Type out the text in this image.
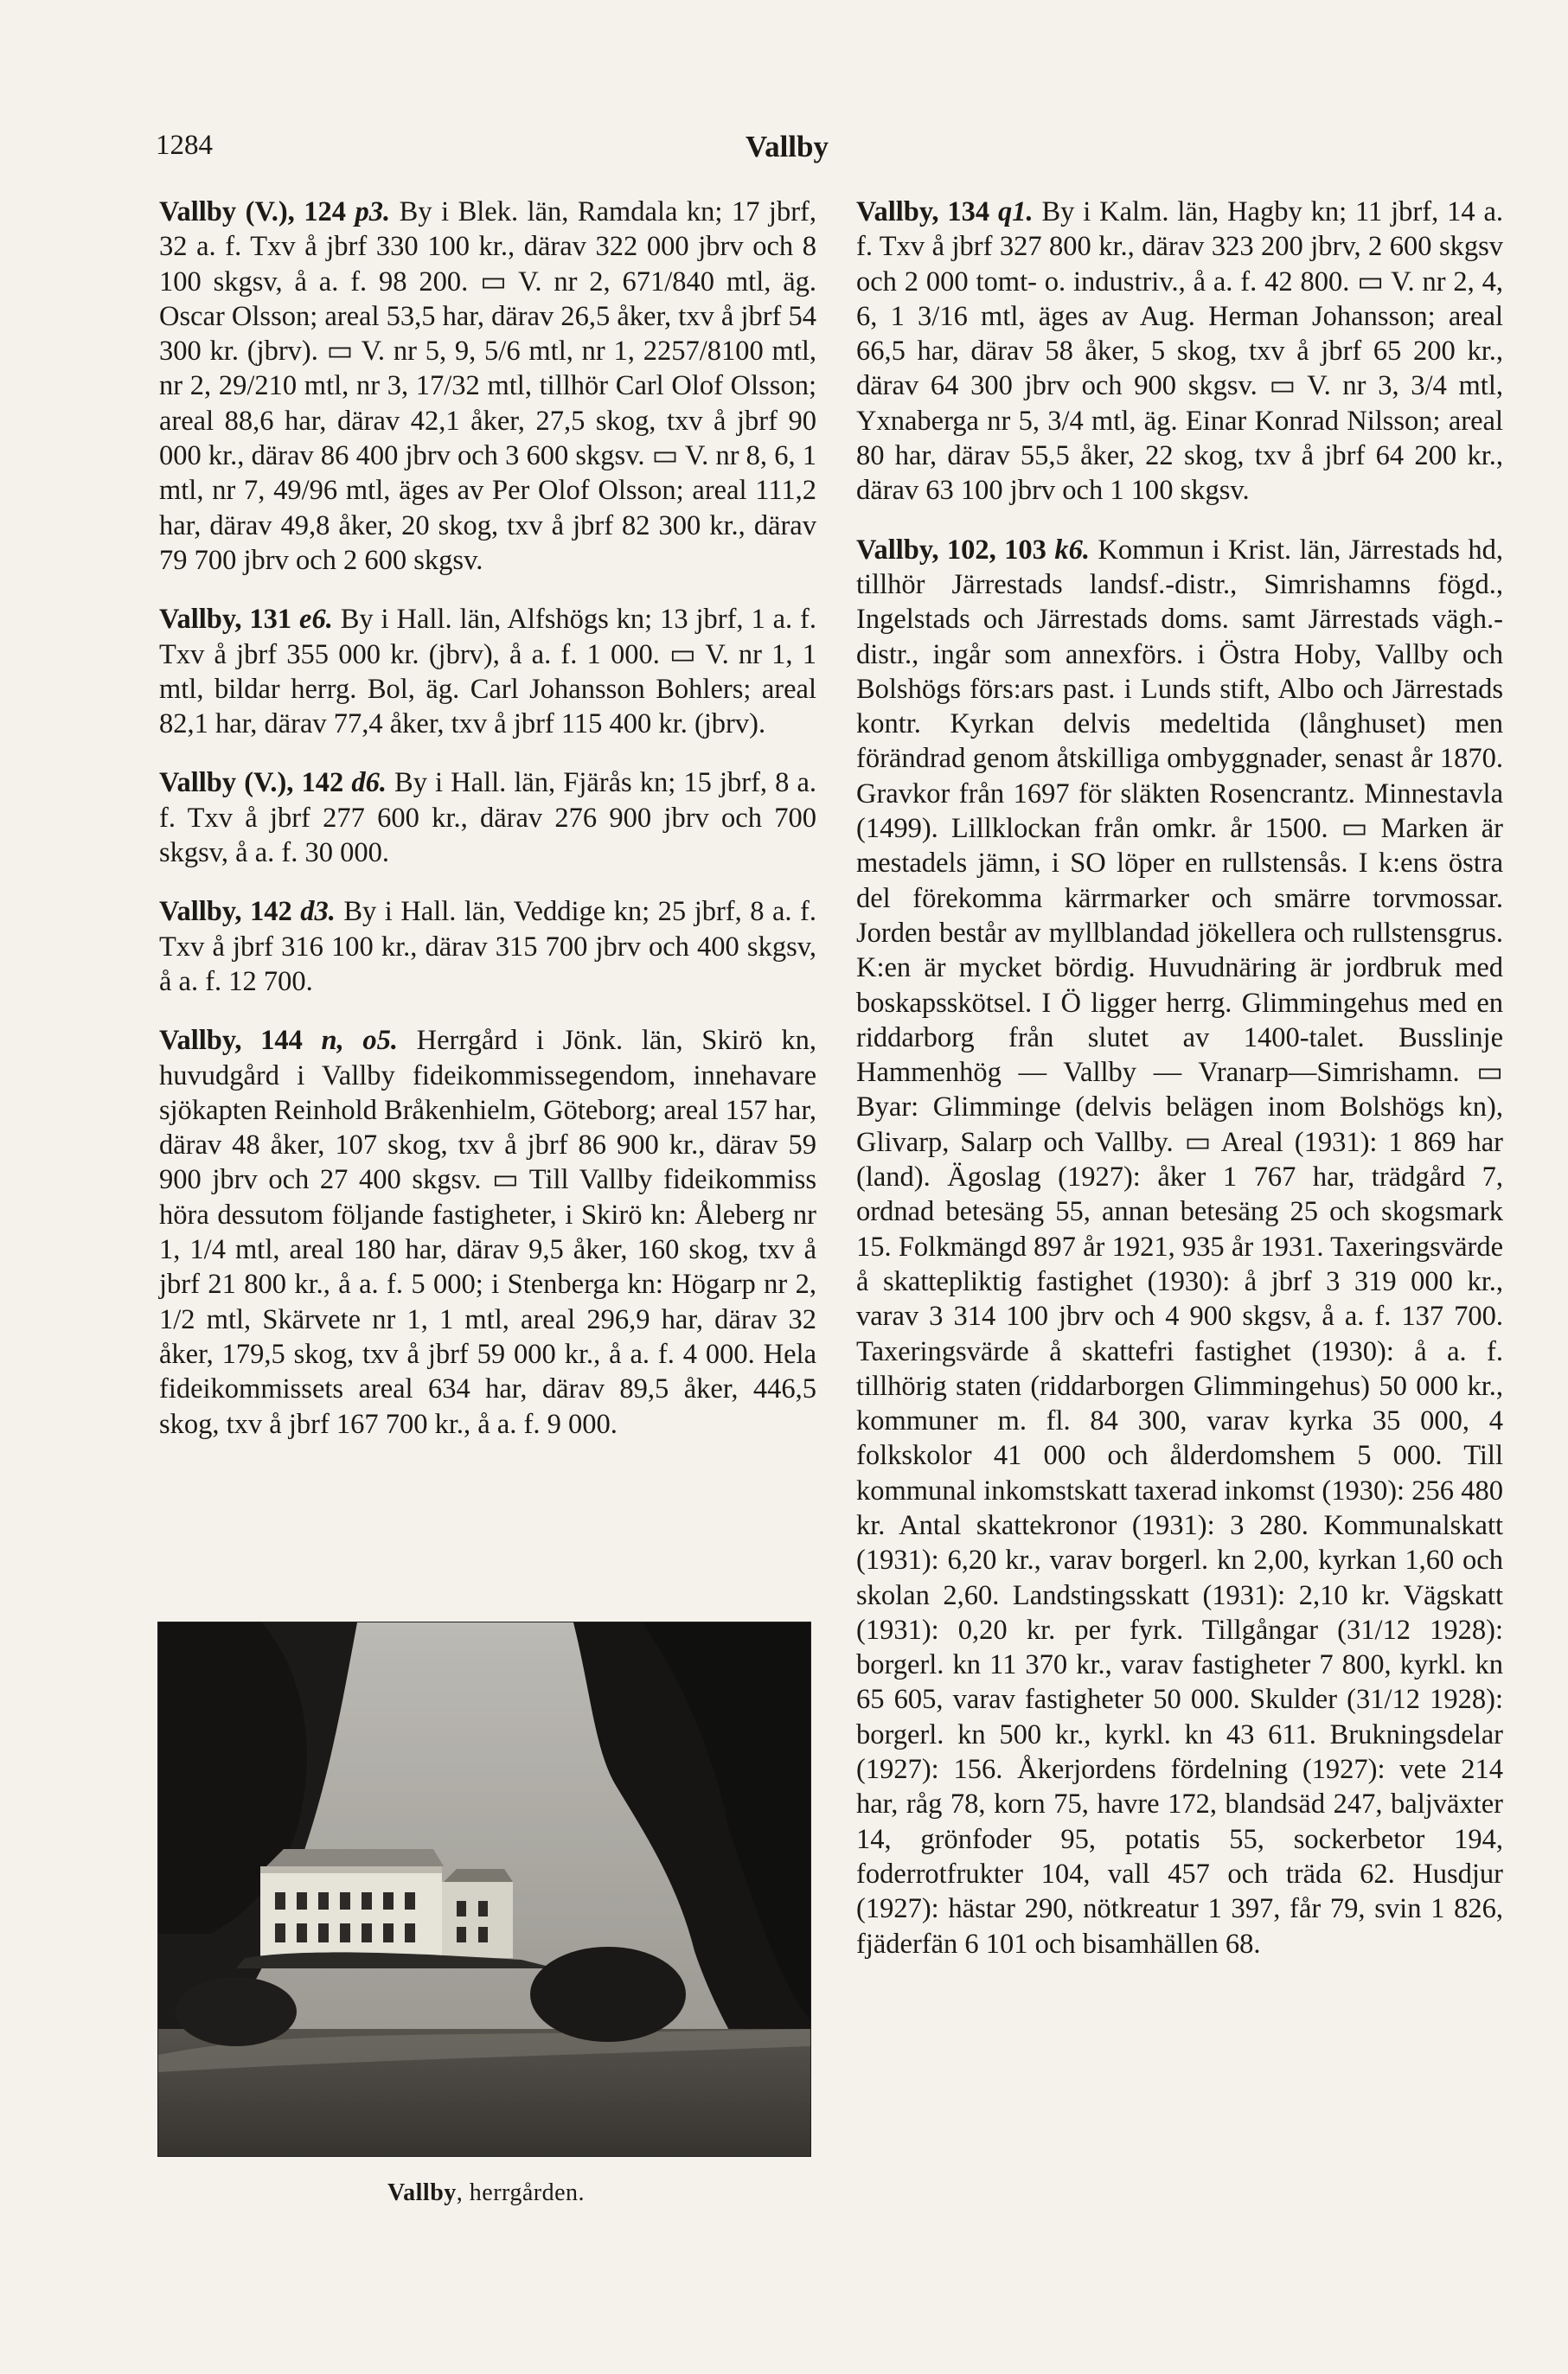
1284	Vallby

Vallby (V.), 124 p3. By i Blek. län, Ramdala kn; 17 jbrf, 32 a. f. Txv å jbrf 330 100 kr., därav 322 000 jbrv och 8 100 skgsv, å a. f. 98 200. ▭ V. nr 2, 671/840 mtl, äg. Oscar Olsson; areal 53,5 har, därav 26,5 åker, txv å jbrf 54 300 kr. (jbrv). ▭ V. nr 5, 9, 5/6 mtl, nr 1, 2257/8100 mtl, nr 2, 29/210 mtl, nr 3, 17/32 mtl, tillhör Carl Olof Olsson; areal 88,6 har, därav 42,1 åker, 27,5 skog, txv å jbrf 90 000 kr., därav 86 400 jbrv och 3 600 skgsv. ▭ V. nr 8, 6, 1 mtl, nr 7, 49/96 mtl, äges av Per Olof Olsson; areal 111,2 har, därav 49,8 åker, 20 skog, txv å jbrf 82 300 kr., därav 79 700 jbrv och 2 600 skgsv.

Vallby, 131 e6. By i Hall. län, Alfshögs kn; 13 jbrf, 1 a. f. Txv å jbrf 355 000 kr. (jbrv), å a. f. 1 000. ▭ V. nr 1, 1 mtl, bildar herrg. Bol, äg. Carl Johansson Bohlers; areal 82,1 har, därav 77,4 åker, txv å jbrf 115 400 kr. (jbrv).

Vallby (V.), 142 d6. By i Hall. län, Fjärås kn; 15 jbrf, 8 a. f. Txv å jbrf 277 600 kr., därav 276 900 jbrv och 700 skgsv, å a. f. 30 000.

Vallby, 142 d3. By i Hall. län, Veddige kn; 25 jbrf, 8 a. f. Txv å jbrf 316 100 kr., därav 315 700 jbrv och 400 skgsv, å a. f. 12 700.

Vallby, 144 n, o5. Herrgård i Jönk. län, Skirö kn, huvudgård i Vallby fideikommissegendom, innehavare sjökapten Reinhold Bråkenhielm, Göteborg; areal 157 har, därav 48 åker, 107 skog, txv å jbrf 86 900 kr., därav 59 900 jbrv och 27 400 skgsv. ▭ Till Vallby fideikommiss höra dessutom följande fastigheter, i Skirö kn: Åleberg nr 1, 1/4 mtl, areal 180 har, därav 9,5 åker, 160 skog, txv å jbrf 21 800 kr., å a. f. 5 000; i Stenberga kn: Högarp nr 2, 1/2 mtl, Skärvete nr 1, 1 mtl, areal 296,9 har, därav 32 åker, 179,5 skog, txv å jbrf 59 000 kr., å a. f. 4 000. Hela fideikommissets areal 634 har, därav 89,5 åker, 446,5 skog, txv å jbrf 167 700 kr., å a. f. 9 000.

Vallby, herrgården.

Vallby, 134 q1. By i Kalm. län, Hagby kn; 11 jbrf, 14 a. f. Txv å jbrf 327 800 kr., därav 323 200 jbrv, 2 600 skgsv och 2 000 tomt- o. industriv., å a. f. 42 800. ▭ V. nr 2, 4, 6, 1 3/16 mtl, äges av Aug. Herman Johansson; areal 66,5 har, därav 58 åker, 5 skog, txv å jbrf 65 200 kr., därav 64 300 jbrv och 900 skgsv. ▭ V. nr 3, 3/4 mtl, Yxnaberga nr 5, 3/4 mtl, äg. Einar Konrad Nilsson; areal 80 har, därav 55,5 åker, 22 skog, txv å jbrf 64 200 kr., därav 63 100 jbrv och 1 100 skgsv.

Vallby, 102, 103 k6. Kommun i Krist. län, Järrestads hd, tillhör Järrestads landsf.-distr., Simrishamns fögd., Ingelstads och Järrestads doms. samt Järrestads vägh.-distr., ingår som annexförs. i Östra Hoby, Vallby och Bolshögs förs:ars past. i Lunds stift, Albo och Järrestads kontr. Kyrkan delvis medeltida (långhuset) men förändrad genom åtskilliga ombyggnader, senast år 1870. Gravkor från 1697 för släkten Rosencrantz. Minnestavla (1499). Lillklockan från omkr. år 1500. ▭ Marken är mestadels jämn, i SO löper en rullstensås. I k:ens östra del förekomma kärrmarker och smärre torvmossar. Jorden består av myllblandad jökellera och rullstensgrus. K:en är mycket bördig. Huvudnäring är jordbruk med boskapsskötsel. I Ö ligger herrg. Glimmingehus med en riddarborg från slutet av 1400-talet. Busslinje Hammenhög — Vallby — Vranarp—Simrishamn. ▭ Byar: Glimminge (delvis belägen inom Bolshögs kn), Glivarp, Salarp och Vallby. ▭ Areal (1931): 1 869 har (land). Ägoslag (1927): åker 1 767 har, trädgård 7, ordnad betesäng 55, annan betesäng 25 och skogsmark 15. Folkmängd 897 år 1921, 935 år 1931. Taxeringsvärde å skattepliktig fastighet (1930): å jbrf 3 319 000 kr., varav 3 314 100 jbrv och 4 900 skgsv, å a. f. 137 700. Taxeringsvärde å skattefri fastighet (1930): å a. f. tillhörig staten (riddarborgen Glimmingehus) 50 000 kr., kommuner m. fl. 84 300, varav kyrka 35 000, 4 folkskolor 41 000 och ålderdomshem 5 000. Till kommunal inkomstskatt taxerad inkomst (1930): 256 480 kr. Antal skattekronor (1931): 3 280. Kommunalskatt (1931): 6,20 kr., varav borgerl. kn 2,00, kyrkan 1,60 och skolan 2,60. Landstingsskatt (1931): 2,10 kr. Vägskatt (1931): 0,20 kr. per fyrk. Tillgångar (31/12 1928): borgerl. kn 11 370 kr., varav fastigheter 7 800, kyrkl. kn 65 605, varav fastigheter 50 000. Skulder (31/12 1928): borgerl. kn 500 kr., kyrkl. kn 43 611. Brukningsdelar (1927): 156. Åkerjordens fördelning (1927): vete 214 har, råg 78, korn 75, havre 172, blandsäd 247, baljväxter 14, grönfoder 95, potatis 55, sockerbetor 194, foderrotfrukter 104, vall 457 och träda 62. Husdjur (1927): hästar 290, nötkreatur 1 397, får 79, svin 1 826, fjäderfän 6 101 och bisamhällen 68.
